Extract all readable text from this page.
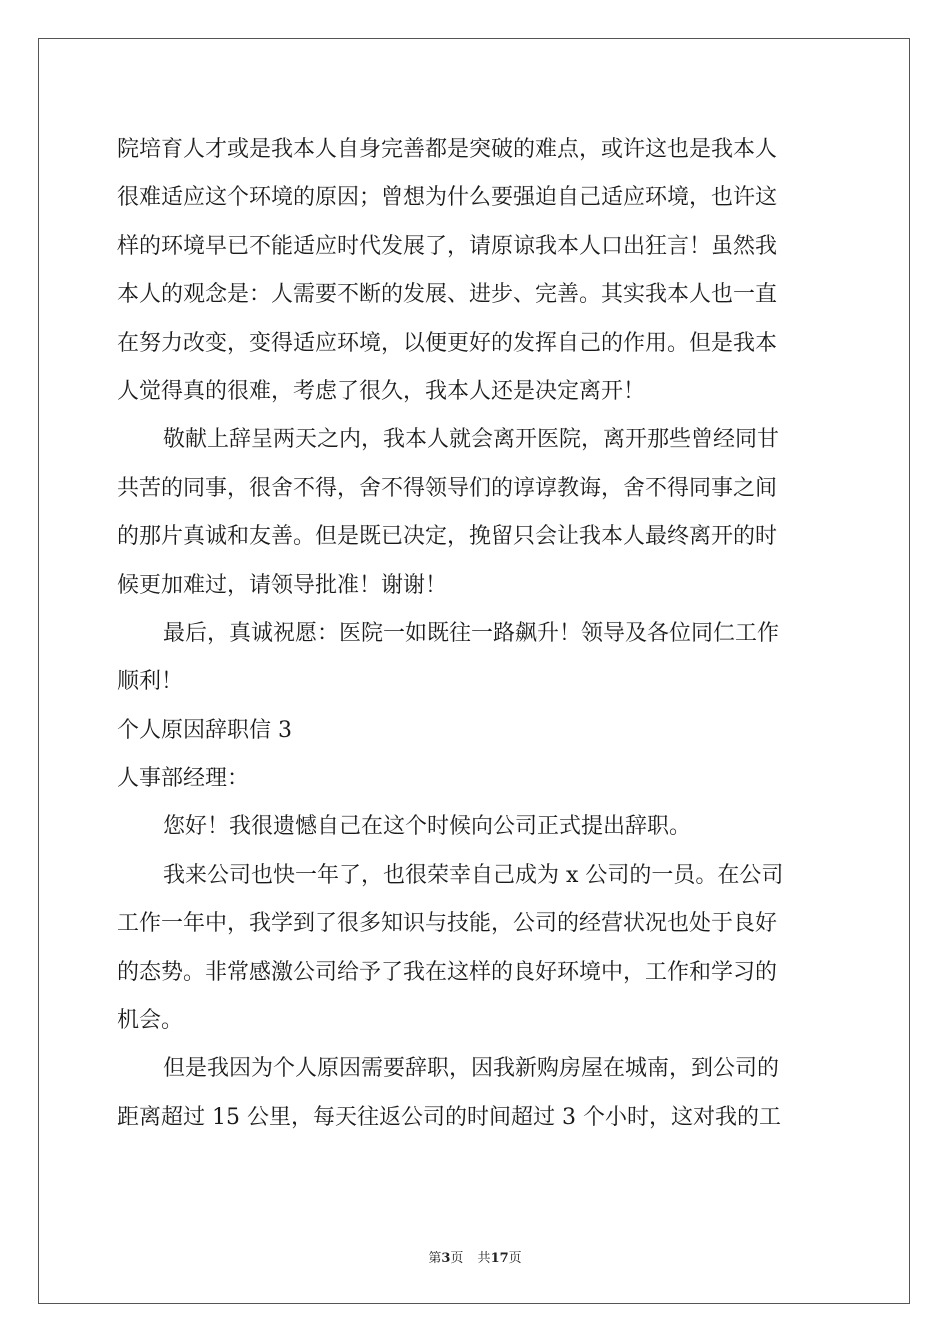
院培育人才或是我本人自身完善都是突破的难点，或许这也是我本人
很难适应这个环境的原因；曾想为什么要强迫自己适应环境，也许这
样的环境早已不能适应时代发展了，请原谅我本人口出狂言！虽然我
本人的观念是：人需要不断的发展、进步、完善。其实我本人也一直
在努力改变，变得适应环境，以便更好的发挥自己的作用。但是我本
人觉得真的很难，考虑了很久，我本人还是决定离开！
敬献上辞呈两天之内，我本人就会离开医院，离开那些曾经同甘
共苦的同事，很舍不得，舍不得领导们的谆谆教诲，舍不得同事之间
的那片真诚和友善。但是既已决定，挽留只会让我本人最终离开的时
候更加难过，请领导批准！谢谢！
最后，真诚祝愿：医院一如既往一路飙升！领导及各位同仁工作
顺利！
个人原因辞职信 3
人事部经理：
您好！我很遗憾自己在这个时候向公司正式提出辞职。
我来公司也快一年了，也很荣幸自己成为 x 公司的一员。在公司
工作一年中，我学到了很多知识与技能，公司的经营状况也处于良好
的态势。非常感激公司给予了我在这样的良好环境中，工作和学习的
机会。
但是我因为个人原因需要辞职，因我新购房屋在城南，到公司的
距离超过 15 公里，每天往返公司的时间超过 3 个小时，这对我的工
第3页 共17页
